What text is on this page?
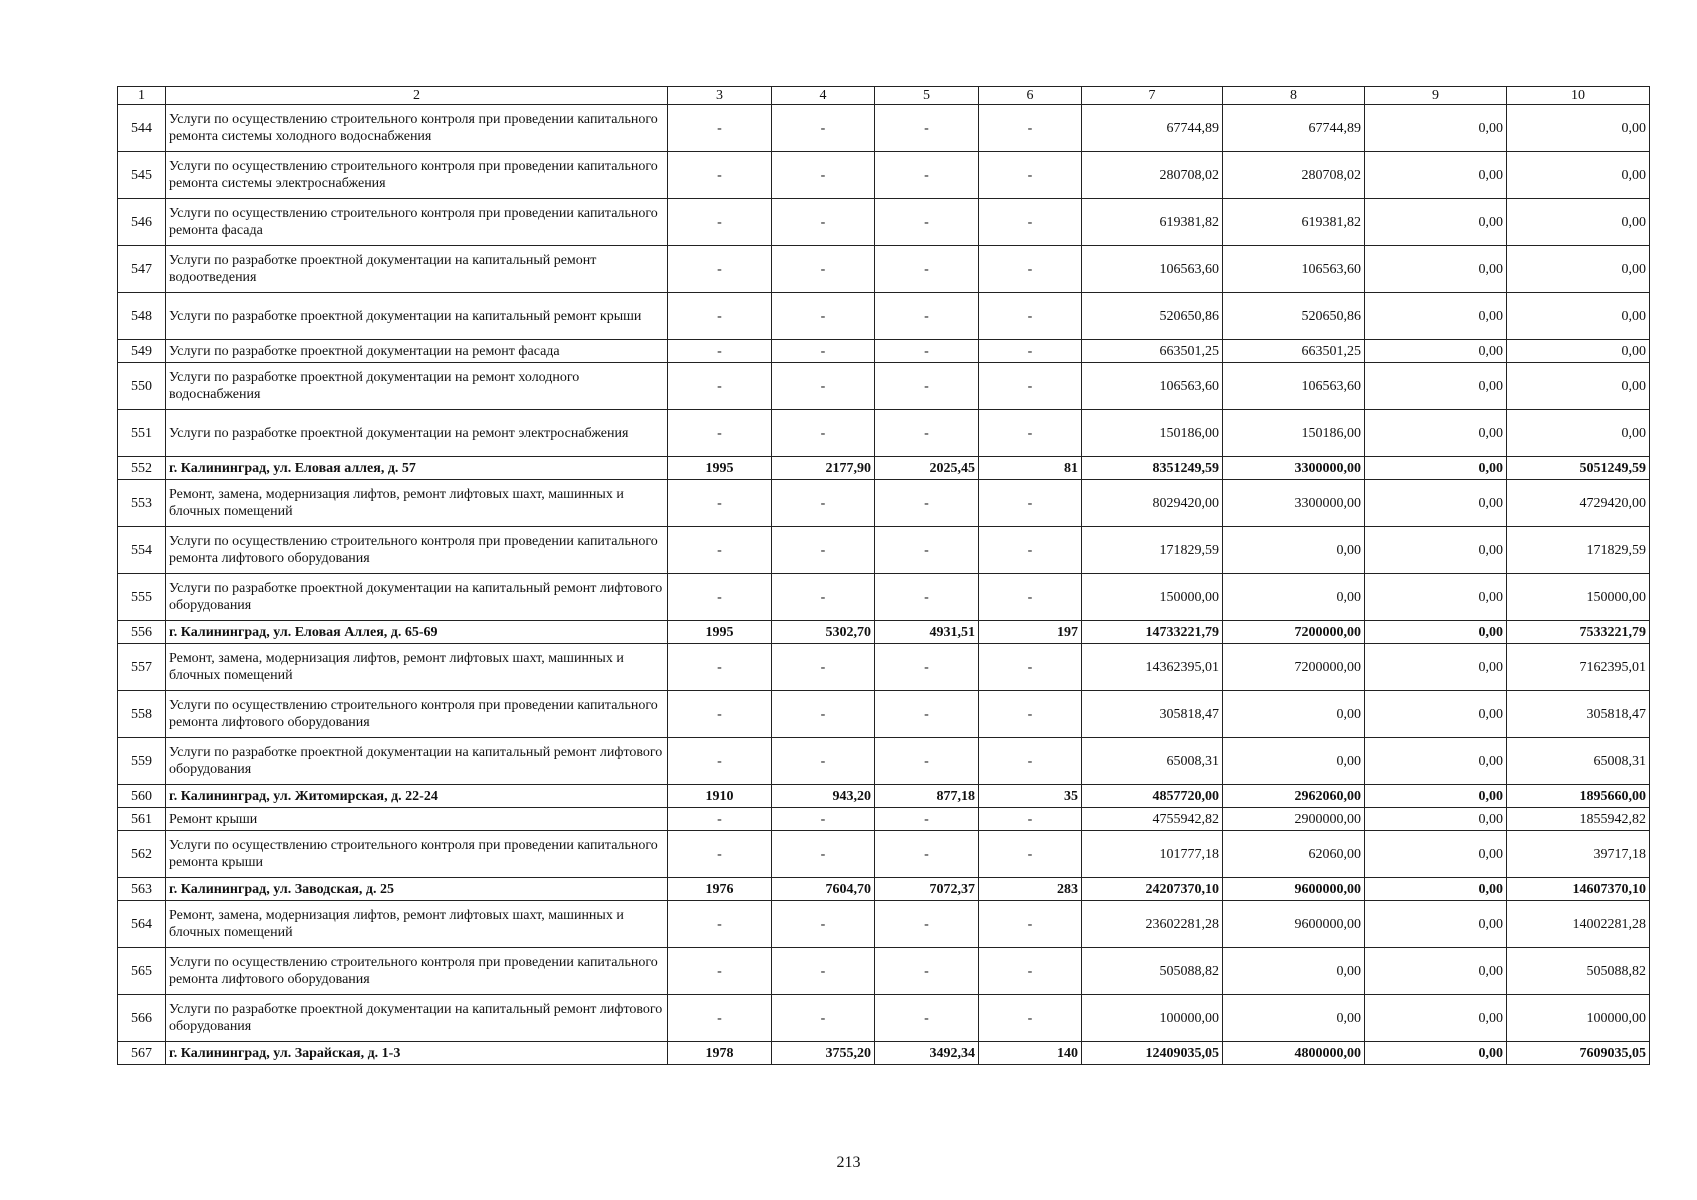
1	2	3	4	5	6	7	8	9	10
544	Услуги по осуществлению строительного контроля при проведении капитального ремонта системы холодного водоснабжения	-	-	-	-	67744,89	67744,89	0,00	0,00
545	Услуги по осуществлению строительного контроля при проведении капитального ремонта системы электроснабжения	-	-	-	-	280708,02	280708,02	0,00	0,00
546	Услуги по осуществлению строительного контроля при проведении капитального ремонта фасада	-	-	-	-	619381,82	619381,82	0,00	0,00
547	Услуги по разработке проектной документации на капитальный ремонт водоотведения	-	-	-	-	106563,60	106563,60	0,00	0,00
548	Услуги по разработке проектной документации на капитальный ремонт крыши	-	-	-	-	520650,86	520650,86	0,00	0,00
549	Услуги по разработке проектной документации на ремонт фасада	-	-	-	-	663501,25	663501,25	0,00	0,00
550	Услуги по разработке проектной документации на ремонт холодного водоснабжения	-	-	-	-	106563,60	106563,60	0,00	0,00
551	Услуги по разработке проектной документации на ремонт электроснабжения	-	-	-	-	150186,00	150186,00	0,00	0,00
552	г. Калининград, ул. Еловая аллея, д. 57	1995	2177,90	2025,45	81	8351249,59	3300000,00	0,00	5051249,59
553	Ремонт, замена, модернизация лифтов, ремонт лифтовых шахт, машинных и блочных помещений	-	-	-	-	8029420,00	3300000,00	0,00	4729420,00
554	Услуги по осуществлению строительного контроля при проведении капитального ремонта лифтового оборудования	-	-	-	-	171829,59	0,00	0,00	171829,59
555	Услуги по разработке проектной документации на капитальный ремонт лифтового оборудования	-	-	-	-	150000,00	0,00	0,00	150000,00
556	г. Калининград, ул. Еловая Аллея, д. 65-69	1995	5302,70	4931,51	197	14733221,79	7200000,00	0,00	7533221,79
557	Ремонт, замена, модернизация лифтов, ремонт лифтовых шахт, машинных и блочных помещений	-	-	-	-	14362395,01	7200000,00	0,00	7162395,01
558	Услуги по осуществлению строительного контроля при проведении капитального ремонта лифтового оборудования	-	-	-	-	305818,47	0,00	0,00	305818,47
559	Услуги по разработке проектной документации на капитальный ремонт лифтового оборудования	-	-	-	-	65008,31	0,00	0,00	65008,31
560	г. Калининград, ул. Житомирская, д. 22-24	1910	943,20	877,18	35	4857720,00	2962060,00	0,00	1895660,00
561	Ремонт крыши	-	-	-	-	4755942,82	2900000,00	0,00	1855942,82
562	Услуги по осуществлению строительного контроля при проведении капитального ремонта крыши	-	-	-	-	101777,18	62060,00	0,00	39717,18
563	г. Калининград, ул. Заводская, д. 25	1976	7604,70	7072,37	283	24207370,10	9600000,00	0,00	14607370,10
564	Ремонт, замена, модернизация лифтов, ремонт лифтовых шахт, машинных и блочных помещений	-	-	-	-	23602281,28	9600000,00	0,00	14002281,28
565	Услуги по осуществлению строительного контроля при проведении капитального ремонта лифтового оборудования	-	-	-	-	505088,82	0,00	0,00	505088,82
566	Услуги по разработке проектной документации на капитальный ремонт лифтового оборудования	-	-	-	-	100000,00	0,00	0,00	100000,00
567	г. Калининград, ул. Зарайская, д. 1-3	1978	3755,20	3492,34	140	12409035,05	4800000,00	0,00	7609035,05
213
